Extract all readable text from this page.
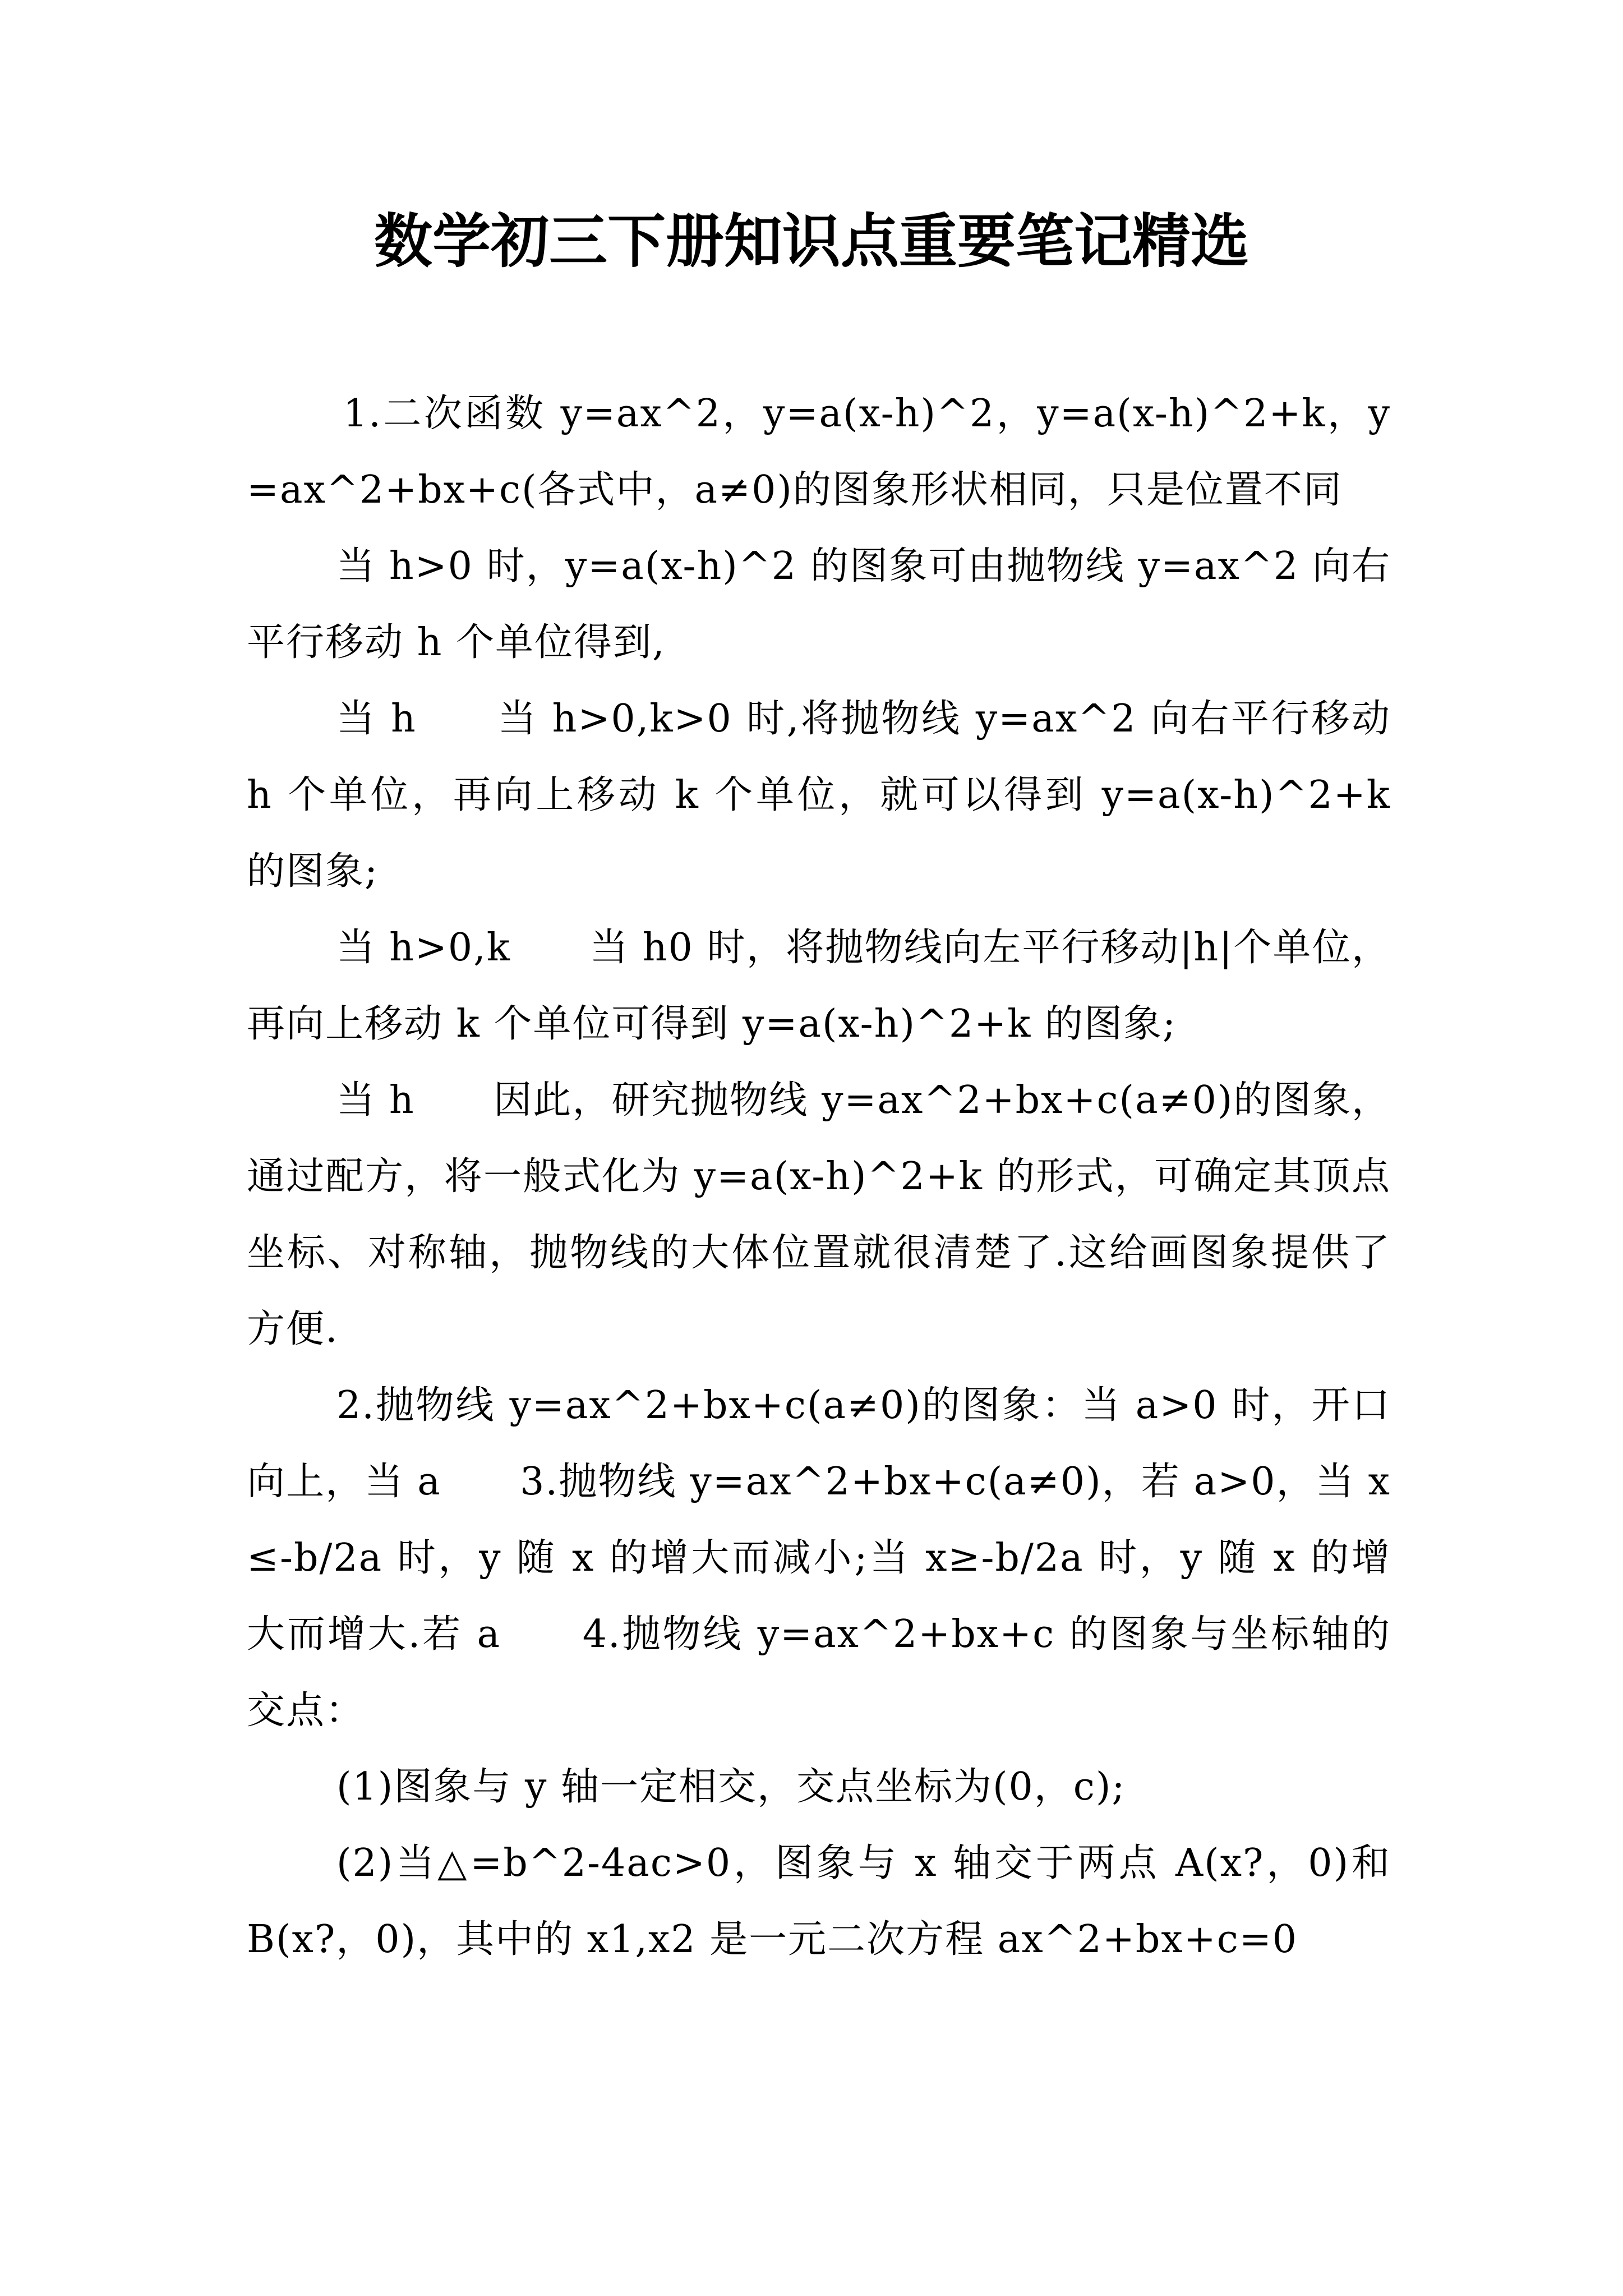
数学初三下册知识点重要笔记精选

1.二次函数 y=ax^2，y=a(x-h)^2，y=a(x-h)^2+k，y=ax^2+bx+c(各式中，a≠0)的图象形状相同，只是位置不同

当 h>0 时，y=a(x-h)^2 的图象可由抛物线 y=ax^2 向右平行移动 h 个单位得到,

当 h　　当 h>0,k>0 时,将抛物线 y=ax^2 向右平行移动 h 个单位，再向上移动 k 个单位，就可以得到 y=a(x-h)^2+k 的图象;

当 h>0,k　　当 h0 时，将抛物线向左平行移动|h|个单位，再向上移动 k 个单位可得到 y=a(x-h)^2+k 的图象;

当 h　　因此，研究抛物线 y=ax^2+bx+c(a≠0)的图象，通过配方，将一般式化为 y=a(x-h)^2+k 的形式，可确定其顶点坐标、对称轴，抛物线的大体位置就很清楚了.这给画图象提供了方便.

2.抛物线 y=ax^2+bx+c(a≠0)的图象：当 a>0 时，开口向上，当 a　　3.抛物线 y=ax^2+bx+c(a≠0)，若 a>0，当 x≤-b/2a 时，y 随 x 的增大而减小;当 x≥-b/2a 时，y 随 x 的增大而增大.若 a　　4.抛物线 y=ax^2+bx+c 的图象与坐标轴的交点：

(1)图象与 y 轴一定相交，交点坐标为(0，c);

(2)当△=b^2-4ac>0，图象与 x 轴交于两点 A(x?，0)和 B(x?，0)，其中的 x1,x2 是一元二次方程 ax^2+bx+c=0
